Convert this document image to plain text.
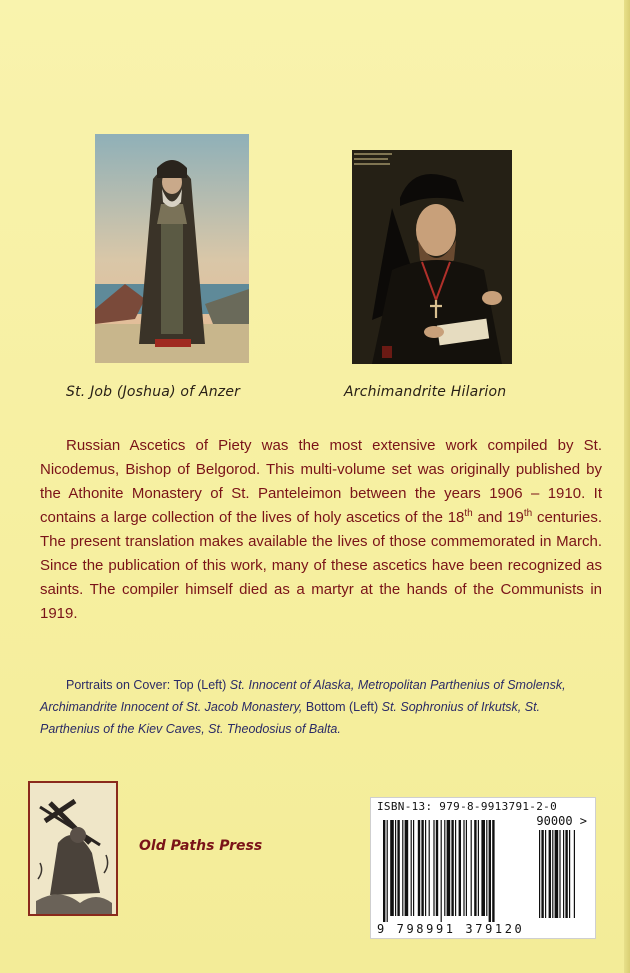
St. Job (Joshua) of Anzer	Archimandrite Hilarion

Russian Ascetics of Piety was the most extensive work compiled by St. Nicodemus, Bishop of Belgorod. This multi-volume set was originally published by the Athonite Monastery of St. Panteleimon between the years 1906 – 1910. It contains a large collection of the lives of holy ascetics of the 18th and 19th centuries. The present translation makes available the lives of those commemorated in March. Since the publication of this work, many of these ascetics have been recognized as saints. The compiler himself died as a martyr at the hands of the Communists in 1919.

Portraits on Cover: Top (Left) St. Innocent of Alaska, Metropolitan Parthenius of Smolensk, Archimandrite Innocent of St. Jacob Monastery, Bottom (Left) St. Sophronius of Irkutsk, St. Parthenius of the Kiev Caves, St. Theodosius of Balta.

Old Paths Press
ISBN-13: 979-8-9913791-2-0
90000 >
9 798991 379120
